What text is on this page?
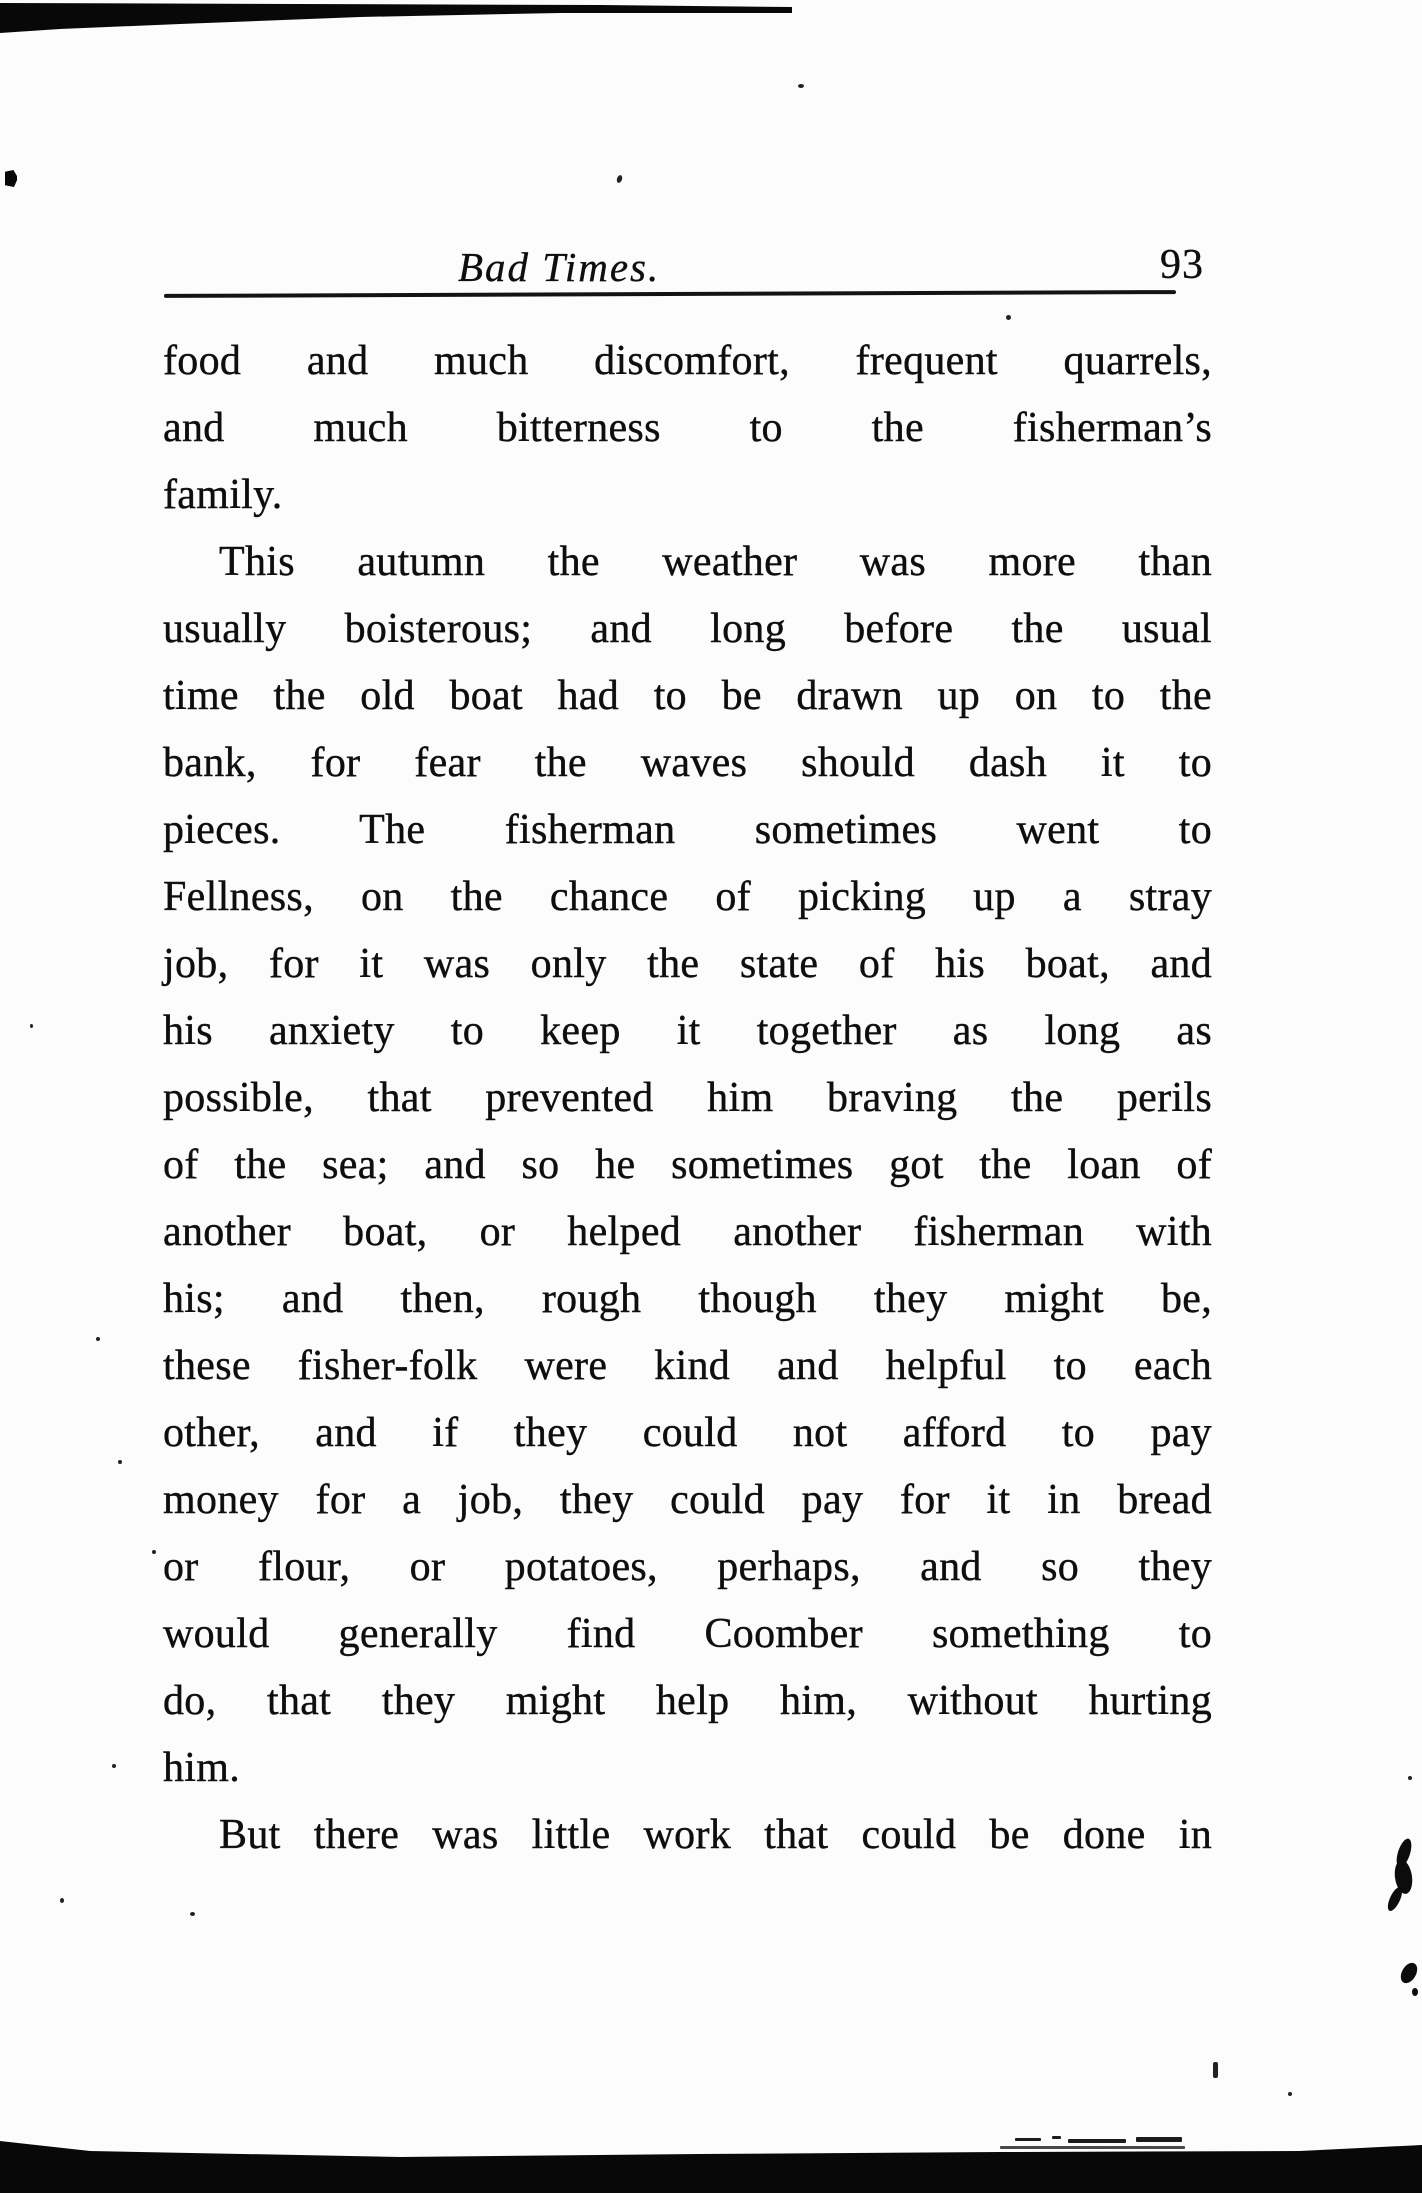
Bad Times.	93
food and much discomfort, frequent quarrels,
and much bitterness to the fisherman’s
family.
This autumn the weather was more than
usually boisterous; and long before the usual
time the old boat had to be drawn up on to the
bank, for fear the waves should dash it to
pieces. The fisherman sometimes went to
Fellness, on the chance of picking up a stray
job, for it was only the state of his boat, and
his anxiety to keep it together as long as
possible, that prevented him braving the perils
of the sea; and so he sometimes got the loan of
another boat, or helped another fisherman with
his; and then, rough though they might be,
these fisher-folk were kind and helpful to each
other, and if they could not afford to pay
money for a job, they could pay for it in bread
or flour, or potatoes, perhaps, and so they
would generally find Coomber something to
do, that they might help him, without hurting
him.
But there was little work that could be done in
